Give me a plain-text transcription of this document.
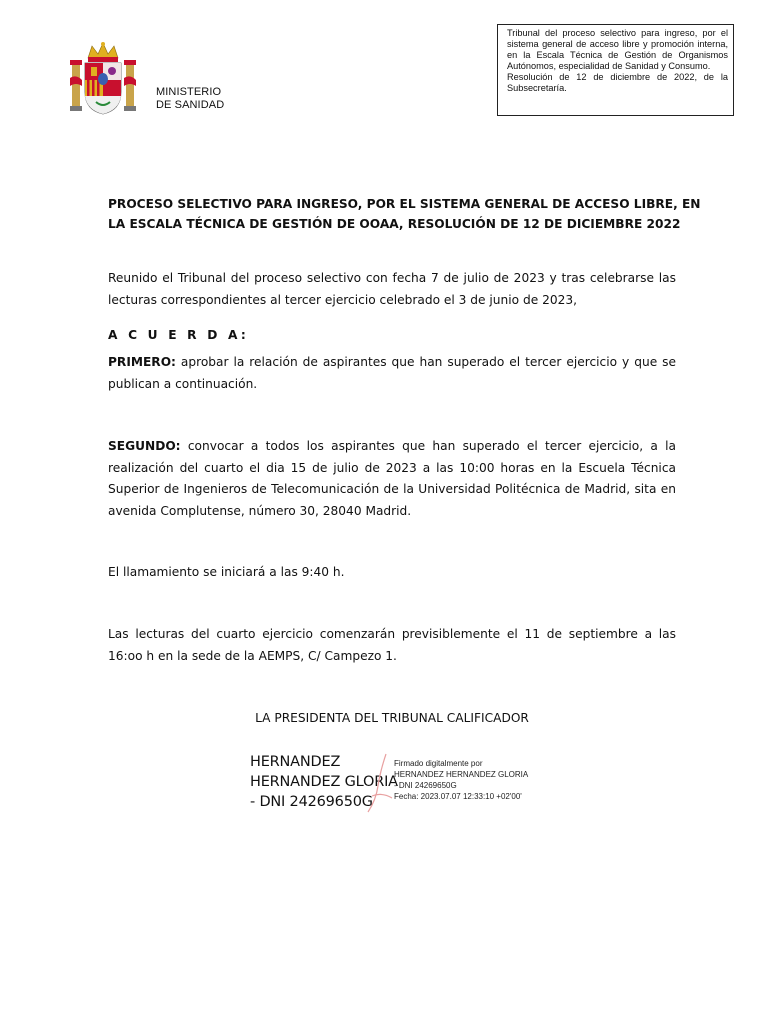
MINISTERIO
DE SANIDAD

Tribunal del proceso selectivo para ingreso, por el sistema general de acceso libre y promoción interna, en la Escala Técnica de Gestión de Organismos Autónomos, especialidad de Sanidad y Consumo.

Resolución de 12 de diciembre de 2022, de la Subsecretaría.

PROCESO SELECTIVO PARA INGRESO, POR EL SISTEMA GENERAL DE ACCESO LIBRE, EN
LA ESCALA TÉCNICA DE GESTIÓN DE OOAA, RESOLUCIÓN DE 12 DE DICIEMBRE 2022

Reunido el Tribunal del proceso selectivo con fecha 7 de julio de 2023 y tras celebrarse las lecturas correspondientes al tercer ejercicio celebrado el 3 de junio de 2023,

A C U E R D A:

PRIMERO: aprobar la relación de aspirantes que han superado el tercer ejercicio y que se publican a continuación.

SEGUNDO: convocar a todos los aspirantes que han superado el tercer ejercicio, a la realización del cuarto el dia 15 de julio de 2023 a las 10:00 horas en la Escuela Técnica Superior de Ingenieros de Telecomunicación de la Universidad Politécnica de Madrid, sita en avenida Complutense, número 30, 28040 Madrid.

El llamamiento se iniciará a las 9:40 h.

Las lecturas del cuarto ejercicio comenzarán previsiblemente el 11 de septiembre a las 16:oo h en la sede de la AEMPS, C/ Campezo 1.

LA PRESIDENTA DEL TRIBUNAL CALIFICADOR
HERNANDEZ
HERNANDEZ GLORIA
- DNI 24269650G
Firmado digitalmente por
HERNANDEZ HERNANDEZ GLORIA
- DNI 24269650G
Fecha: 2023.07.07 12:33:10 +02'00'
